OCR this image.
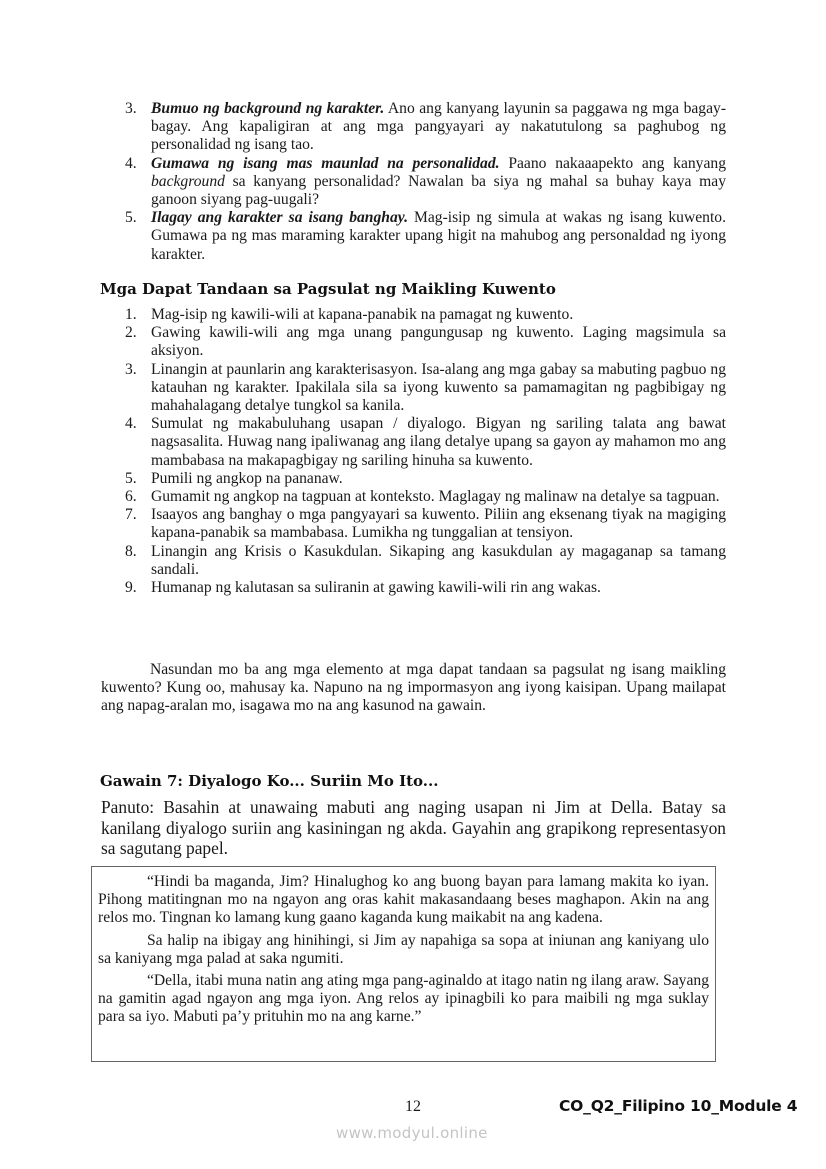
3. Bumuo ng background ng karakter. Ano ang kanyang layunin sa paggawa ng mga bagay-bagay. Ang kapaligiran at ang mga pangyayari ay nakatutulong sa paghubog ng personalidad ng isang tao.
4. Gumawa ng isang mas maunlad na personalidad. Paano nakaaapekto ang kanyang background sa kanyang personalidad? Nawalan ba siya ng mahal sa buhay kaya may ganoon siyang pag-uugali?
5. Ilagay ang karakter sa isang banghay. Mag-isip ng simula at wakas ng isang kuwento. Gumawa pa ng mas maraming karakter upang higit na mahubog ang personaldad ng iyong karakter.
Mga Dapat Tandaan sa Pagsulat ng Maikling Kuwento
1. Mag-isip ng kawili-wili at kapana-panabik na pamagat ng kuwento.
2. Gawing kawili-wili ang mga unang pangungusap ng kuwento. Laging magsimula sa aksiyon.
3. Linangin at paunlarin ang karakterisasyon. Isa-alang ang mga gabay sa mabuting pagbuo ng katauhan ng karakter. Ipakilala sila sa iyong kuwento sa pamamagitan ng pagbibigay ng mahahalagang detalye tungkol sa kanila.
4. Sumulat ng makabuluhang usapan / diyalogo. Bigyan ng sariling talata ang bawat nagsasalita. Huwag nang ipaliwanag ang ilang detalye upang sa gayon ay mahamon mo ang mambabasa na makapagbigay ng sariling hinuha sa kuwento.
5. Pumili ng angkop na pananaw.
6. Gumamit ng angkop na tagpuan at konteksto. Maglagay ng malinaw na detalye sa tagpuan.
7. Isaayos ang banghay o mga pangyayari sa kuwento. Piliin ang eksenang tiyak na magiging kapana-panabik sa mambabasa. Lumikha ng tunggalian at tensiyon.
8. Linangin ang Krisis o Kasukdulan. Sikaping ang kasukdulan ay magaganap sa tamang sandali.
9. Humanap ng kalutasan sa suliranin at gawing kawili-wili rin ang wakas.

Nasundan mo ba ang mga elemento at mga dapat tandaan sa pagsulat ng isang maikling kuwento? Kung oo, mahusay ka. Napuno na ng impormasyon ang iyong kaisipan. Upang mailapat ang napag-aralan mo, isagawa mo na ang kasunod na gawain.

Gawain 7: Diyalogo Ko... Suriin Mo Ito...

Panuto: Basahin at unawaing mabuti ang naging usapan ni Jim at Della. Batay sa kanilang diyalogo suriin ang kasiningan ng akda. Gayahin ang grapikong representasyon sa sagutang papel.

“Hindi ba maganda, Jim? Hinalughog ko ang buong bayan para lamang makita ko iyan. Pihong matitingnan mo na ngayon ang oras kahit makasandaang beses maghapon. Akin na ang relos mo. Tingnan ko lamang kung gaano kaganda kung maikabit na ang kadena.

Sa halip na ibigay ang hinihingi, si Jim ay napahiga sa sopa at iniunan ang kaniyang ulo sa kaniyang mga palad at saka ngumiti.

“Della, itabi muna natin ang ating mga pang-aginaldo at itago natin ng ilang araw. Sayang na gamitin agad ngayon ang mga iyon. Ang relos ay ipinagbili ko para maibili ng mga suklay para sa iyo. Mabuti pa’y prituhin mo na ang karne.”

12	CO_Q2_Filipino 10_Module 4
www.modyul.online
